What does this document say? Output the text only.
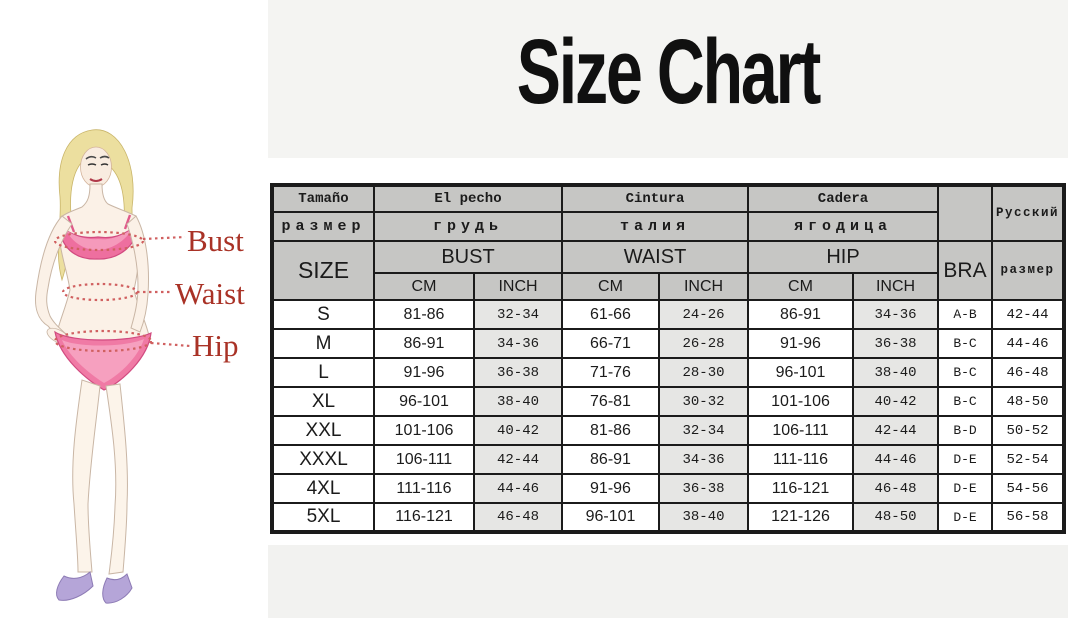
Size Chart
Bust
Waist
Hip
Tamaño	El pecho		Cintura		Cadera			Русский
размер	грудь		талия		ягодица			
SIZE	BUST		WAIST		HIP		BRA	размер
	CM	INCH	CM	INCH	CM	INCH		
S	81-86	32-34	61-66	24-26	86-91	34-36	A-B	42-44
M	86-91	34-36	66-71	26-28	91-96	36-38	B-C	44-46
L	91-96	36-38	71-76	28-30	96-101	38-40	B-C	46-48
XL	96-101	38-40	76-81	30-32	101-106	40-42	B-C	48-50
XXL	101-106	40-42	81-86	32-34	106-111	42-44	B-D	50-52
XXXL	106-111	42-44	86-91	34-36	111-116	44-46	D-E	52-54
4XL	111-116	44-46	91-96	36-38	116-121	46-48	D-E	54-56
5XL	116-121	46-48	96-101	38-40	121-126	48-50	D-E	56-58
